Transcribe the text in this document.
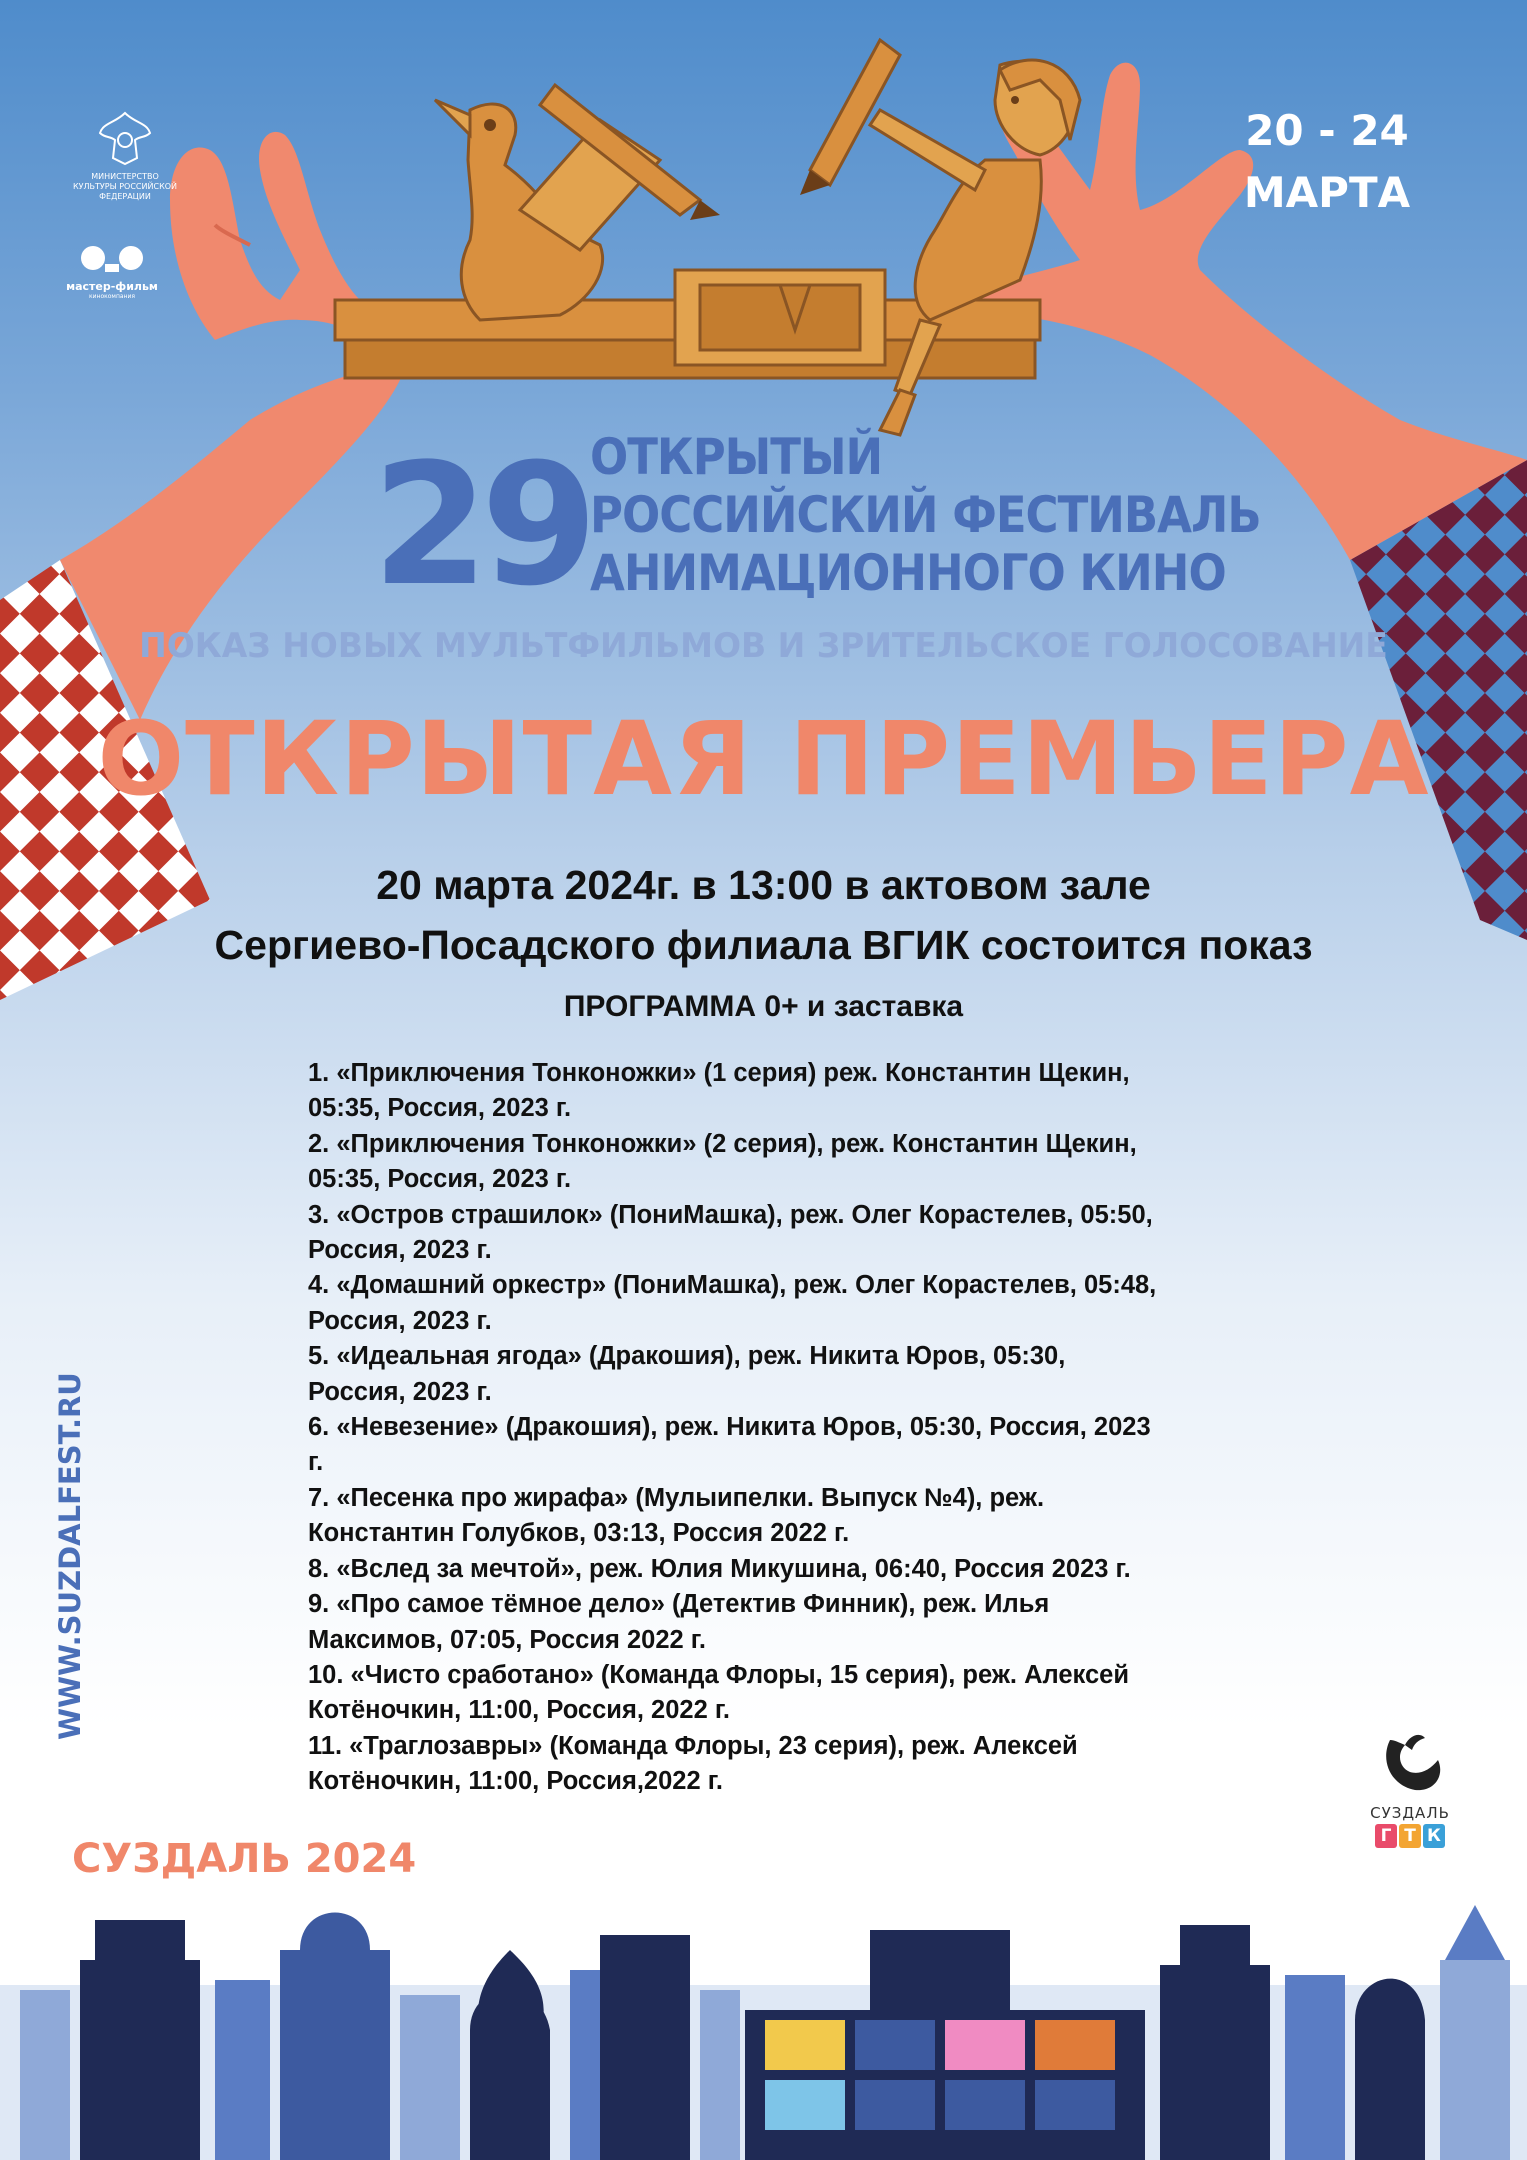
МИНИСТЕРСТВО КУЛЬТУРЫ РОССИЙСКОЙ ФЕДЕРАЦИИ
мастер-фильм
кинокомпания
20 - 24
МАРТА
29 ОТКРЫТЫЙ
РОССИЙСКИЙ ФЕСТИВАЛЬ
АНИМАЦИОННОГО КИНО
ПОКАЗ НОВЫХ МУЛЬТФИЛЬМОВ И ЗРИТЕЛЬСКОЕ ГОЛОСОВАНИЕ
ОТКРЫТАЯ ПРЕМЬЕРА
20 марта 2024г. в 13:00 в актовом зале
Сергиево-Посадского филиала ВГИК состоится показ
ПРОГРАММА 0+ и заставка
1. «Приключения Тонконожки» (1 серия) реж. Константин Щекин,
05:35, Россия, 2023 г.
2. «Приключения Тонконожки» (2 серия), реж. Константин Щекин,
05:35, Россия, 2023 г.
3. «Остров страшилок» (ПониМашка), реж. Олег Корастелев, 05:50,
Россия, 2023 г.
4. «Домашний оркестр» (ПониМашка), реж. Олег Корастелев, 05:48,
Россия, 2023 г.
5. «Идеальная ягода» (Дракошия), реж. Никита Юров, 05:30,
Россия, 2023 г.
6. «Невезение» (Дракошия), реж. Никита Юров, 05:30, Россия, 2023
г.
7. «Песенка про жирафа» (Мулыипелки. Выпуск №4), реж.
Константин Голубков, 03:13, Россия 2022 г.
8. «Вслед за мечтой», реж. Юлия Микушина, 06:40, Россия 2023 г.
9. «Про самое тёмное дело» (Детектив Финник), реж. Илья
Максимов, 07:05, Россия 2022 г.
10. «Чисто сработано» (Команда Флоры, 15 серия), реж. Алексей
Котёночкин, 11:00, Россия, 2022 г.
11. «Траглозавры» (Команда Флоры, 23 серия), реж. Алексей
Котёночкин, 11:00, Россия,2022 г.
WWW.SUZDALFEST.RU
СУЗДАЛЬ 2024
СУЗДАЛЬ
Г Т К
